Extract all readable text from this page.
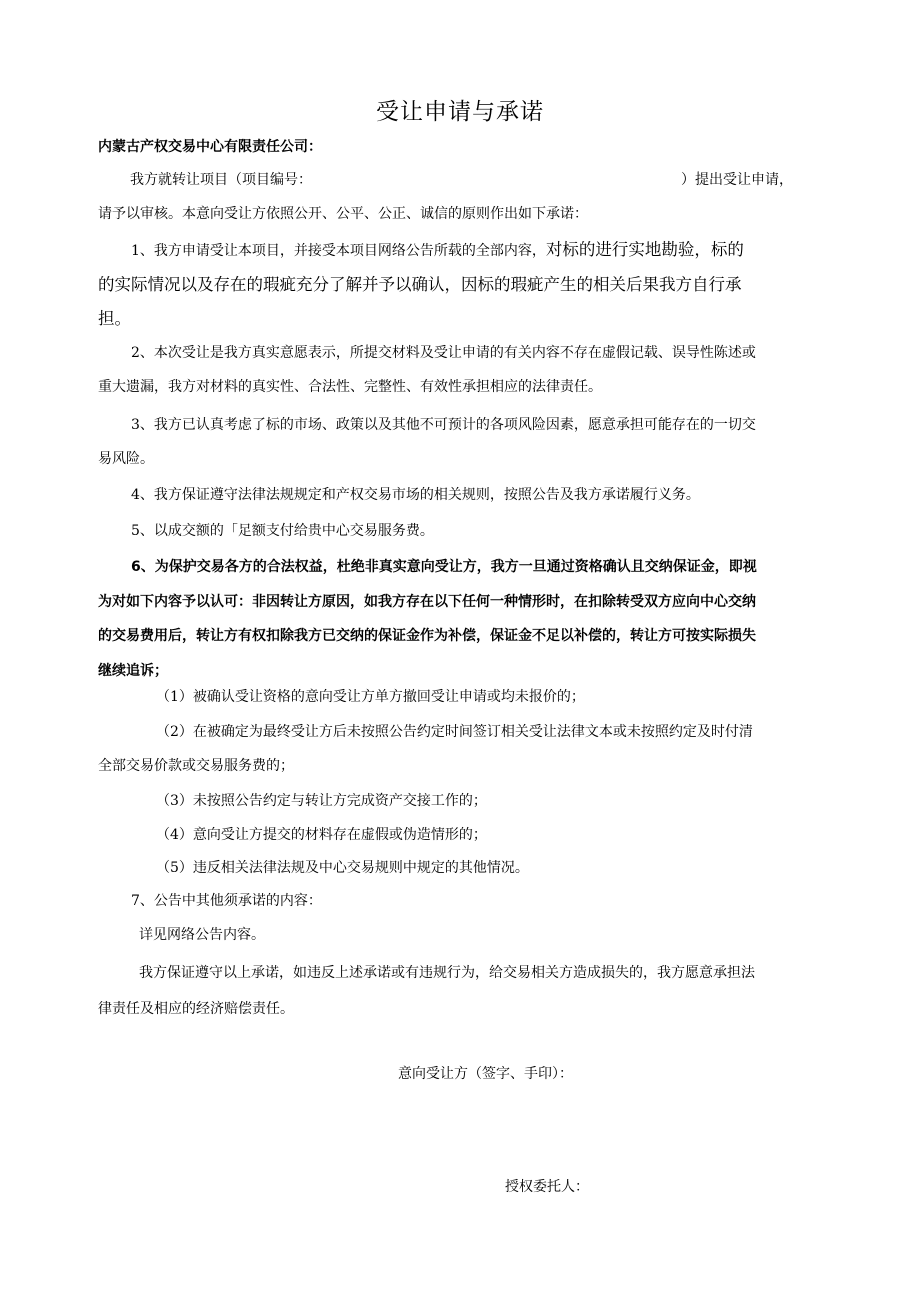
受让申请与承诺
内蒙古产权交易中心有限责任公司：
我方就转让项目（项目编号：	）提出受让申请，
请予以审核。本意向受让方依照公开、公平、公正、诚信的原则作出如下承诺：
1、我方申请受让本项目，并接受本项目网络公告所载的全部内容，对标的进行实地勘验，标的
的实际情况以及存在的瑕疵充分了解并予以确认，因标的瑕疵产生的相关后果我方自行承
担。
2、本次受让是我方真实意愿表示，所提交材料及受让申请的有关内容不存在虚假记载、误导性陈述或
重大遗漏，我方对材料的真实性、合法性、完整性、有效性承担相应的法律责任。
3、我方已认真考虑了标的市场、政策以及其他不可预计的各项风险因素，愿意承担可能存在的一切交
易风险。
4、我方保证遵守法律法规规定和产权交易市场的相关规则，按照公告及我方承诺履行义务。
5、以成交额的「足额支付给贵中心交易服务费。
6、为保护交易各方的合法权益，杜绝非真实意向受让方，我方一旦通过资格确认且交纳保证金，即视
为对如下内容予以认可：非因转让方原因，如我方存在以下任何一种情形时，在扣除转受双方应向中心交纳
的交易费用后，转让方有权扣除我方已交纳的保证金作为补偿，保证金不足以补偿的，转让方可按实际损失
继续追诉；
（1）被确认受让资格的意向受让方单方撤回受让申请或均未报价的；
（2）在被确定为最终受让方后未按照公告约定时间签订相关受让法律文本或未按照约定及时付清
全部交易价款或交易服务费的；
（3）未按照公告约定与转让方完成资产交接工作的；
（4）意向受让方提交的材料存在虚假或伪造情形的；
（5）违反相关法律法规及中心交易规则中规定的其他情况。
7、公告中其他须承诺的内容：
详见网络公告内容。
我方保证遵守以上承诺，如违反上述承诺或有违规行为，给交易相关方造成损失的，我方愿意承担法
律责任及相应的经济赔偿责任。
意向受让方（签字、手印）：
授权委托人：
